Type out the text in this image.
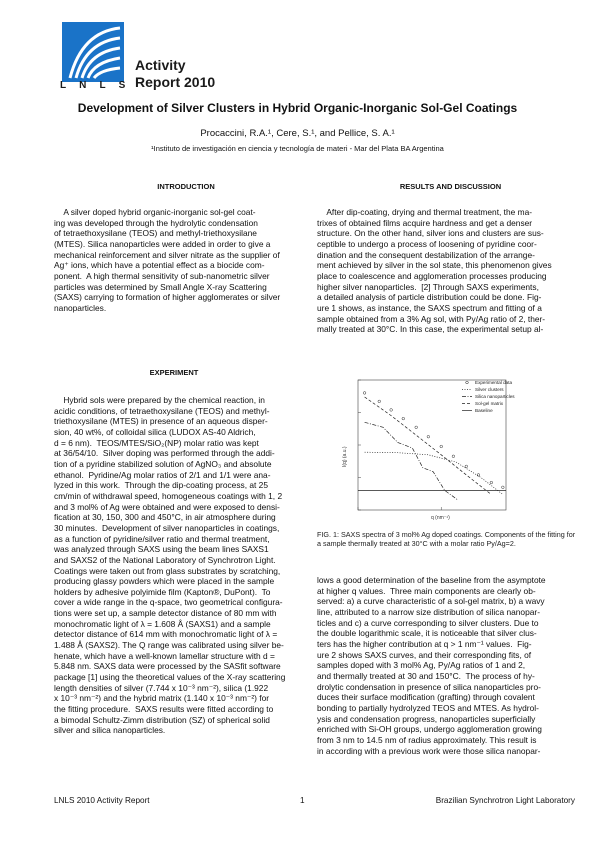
L N L S
Activity
Report 2010
Development of Silver Clusters in Hybrid Organic-Inorganic Sol-Gel Coatings
Procaccini, R.A.¹, Cere, S.¹, and Pellice, S. A.¹
¹Instituto de investigación en ciencia y tecnología de materi - Mar del Plata BA Argentina
INTRODUCTION
A silver doped hybrid organic-inorganic sol-gel coat-
ing was developed through the hydrolytic condensation
of tetraethoxysilane (TEOS) and methyl-triethoxysilane
(MTES). Silica nanoparticles were added in order to give a
mechanical reinforcement and silver nitrate as the supplier of
Ag⁺ ions, which have a potential effect as a biocide com-
ponent.  A high thermal sensitivity of sub-nanometric silver
particles was determined by Small Angle X-ray Scattering
(SAXS) carrying to formation of higher agglomerates or silver
nanoparticles.
EXPERIMENT
Hybrid sols were prepared by the chemical reaction, in
acidic conditions, of tetraethoxysilane (TEOS) and methyl-
triethoxysilane (MTES) in presence of an aqueous disper-
sion, 40 wt%, of colloidal silica (LUDOX AS-40 Aldrich,
d = 6 nm).  TEOS/MTES/SiO₂(NP) molar ratio was kept
at 36/54/10.  Silver doping was performed through the addi-
tion of a pyridine stabilized solution of AgNO₃ and absolute
ethanol.  Pyridine/Ag molar ratios of 2/1 and 1/1 were ana-
lyzed in this work.  Through the dip-coating process, at 25
cm/min of withdrawal speed, homogeneous coatings with 1, 2
and 3 mol% of Ag were obtained and were exposed to densi-
fication at 30, 150, 300 and 450°C, in air atmosphere during
30 minutes.  Development of silver nanoparticles in coatings,
as a function of pyridine/silver ratio and thermal treatment,
was analyzed through SAXS using the beam lines SAXS1
and SAXS2 of the National Laboratory of Synchrotron Light.
Coatings were taken out from glass substrates by scratching,
producing glassy powders which were placed in the sample
holders by adhesive polyimide film (Kapton®, DuPont).  To
cover a wide range in the q-space, two geometrical configura-
tions were set up, a sample detector distance of 80 mm with
monochromatic light of λ = 1.608 Å (SAXS1) and a sample
detector distance of 614 mm with monochromatic light of λ =
1.488 Å (SAXS2). The Q range was calibrated using silver be-
henate, which have a well-known lamellar structure with d =
5.848 nm. SAXS data were processed by the SASfit software
package [1] using the theoretical values of the X-ray scattering
length densities of silver (7.744 x 10⁻³ nm⁻²), silica (1.922
x 10⁻³ nm⁻²) and the hybrid matrix (1.140 x 10⁻³ nm⁻²) for
the fitting procedure.  SAXS results were fitted according to
a bimodal Schultz-Zimm distribution (SZ) of spherical solid
silver and silica nanoparticles.
RESULTS AND DISCUSSION
After dip-coating, drying and thermal treatment, the ma-
trixes of obtained films acquire hardness and get a denser
structure. On the other hand, silver ions and clusters are sus-
ceptible to undergo a process of loosening of pyridine coor-
dination and the consequent destabilization of the arrange-
ment achieved by silver in the sol state, this phenomenon gives
place to coalescence and agglomeration processes producing
higher silver nanoparticles.  [2] Through SAXS experiments,
a detailed analysis of particle distribution could be done. Fig-
ure 1 shows, as instance, the SAXS spectrum and fitting of a
sample obtained from a 3% Ag sol, with Py/Ag ratio of 2, ther-
mally treated at 30°C. In this case, the experimental setup al-
Experimental data
Silver clusters
Silica nanoparticles
Sol-gel matrix
Baseline
I(q) (a.u.)
q (nm⁻¹)
FIG. 1: SAXS spectra of 3 mol% Ag doped coatings. Components of the fitting for a sample thermally treated at 30°C with a molar ratio Py/Ag=2.
lows a good determination of the baseline from the asymptote
at higher q values.  Three main components are clearly ob-
served: a) a curve characteristic of a sol-gel matrix, b) a wavy
line, attributed to a narrow size distribution of silica nanopar-
ticles and c) a curve corresponding to silver clusters. Due to
the double logarithmic scale, it is noticeable that silver clus-
ters has the higher contribution at q > 1 nm⁻¹ values.  Fig-
ure 2 shows SAXS curves, and their corresponding fits, of
samples doped with 3 mol% Ag, Py/Ag ratios of 1 and 2,
and thermally treated at 30 and 150°C.  The process of hy-
drolytic condensation in presence of silica nanoparticles pro-
duces their surface modification (grafting) through covalent
bonding to partially hydrolyzed TEOS and MTES. As hydrol-
ysis and condensation progress, nanoparticles superficially
enriched with Si-OH groups, undergo agglomeration growing
from 3 nm to 14.5 nm of radius approximately. This result is
in according with a previous work were those silica nanopar-
LNLS 2010 Activity Report	1	Brazilian Synchrotron Light Laboratory
